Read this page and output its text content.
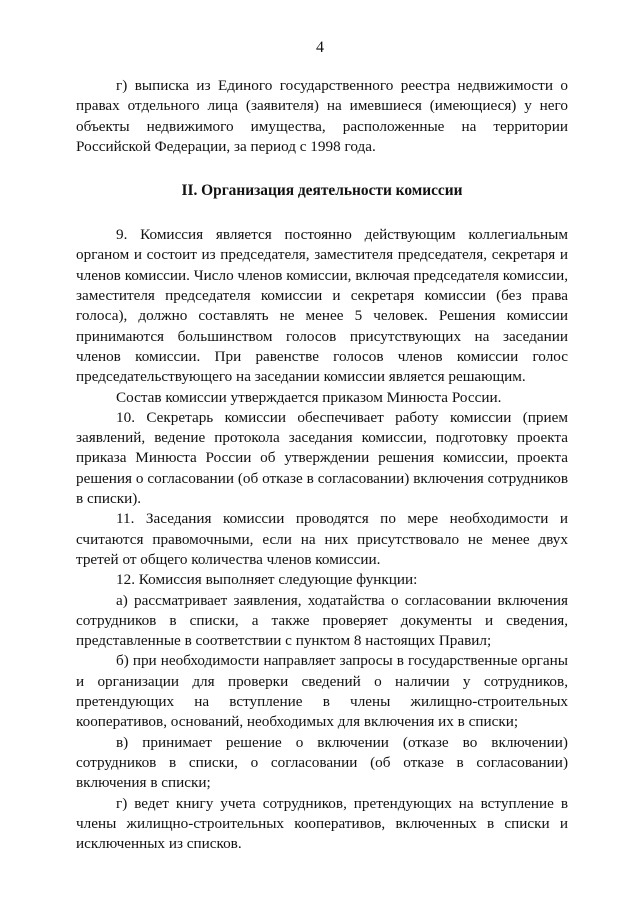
4

г) выписка из Единого государственного реестра недвижимости о правах отдельного лица (заявителя) на имевшиеся (имеющиеся) у него объекты недвижимого имущества, расположенные на территории Российской Федерации, за период с 1998 года.

II. Организация деятельности комиссии

9. Комиссия является постоянно действующим коллегиальным органом и состоит из председателя, заместителя председателя, секретаря и членов комиссии. Число членов комиссии, включая председателя комиссии, заместителя председателя комиссии и секретаря комиссии (без права голоса), должно составлять не менее 5 человек. Решения комиссии принимаются большинством голосов присутствующих на заседании членов комиссии. При равенстве голосов членов комиссии голос председательствующего на заседании комиссии является решающим.

Состав комиссии утверждается приказом Минюста России.

10. Секретарь комиссии обеспечивает работу комиссии (прием заявлений, ведение протокола заседания комиссии, подготовку проекта приказа Минюста России об утверждении решения комиссии, проекта решения о согласовании (об отказе в согласовании) включения сотрудников в списки).

11. Заседания комиссии проводятся по мере необходимости и считаются правомочными, если на них присутствовало не менее двух третей от общего количества членов комиссии.

12. Комиссия выполняет следующие функции:

а) рассматривает заявления, ходатайства о согласовании включения сотрудников в списки, а также проверяет документы и сведения, представленные в соответствии с пунктом 8 настоящих Правил;

б) при необходимости направляет запросы в государственные органы и организации для проверки сведений о наличии у сотрудников, претендующих на вступление в члены жилищно-строительных кооперативов, оснований, необходимых для включения их в списки;

в) принимает решение о включении (отказе во включении) сотрудников в списки, о согласовании (об отказе в согласовании) включения в списки;

г) ведет книгу учета сотрудников, претендующих на вступление в члены жилищно-строительных кооперативов, включенных в списки и исключенных из списков.
